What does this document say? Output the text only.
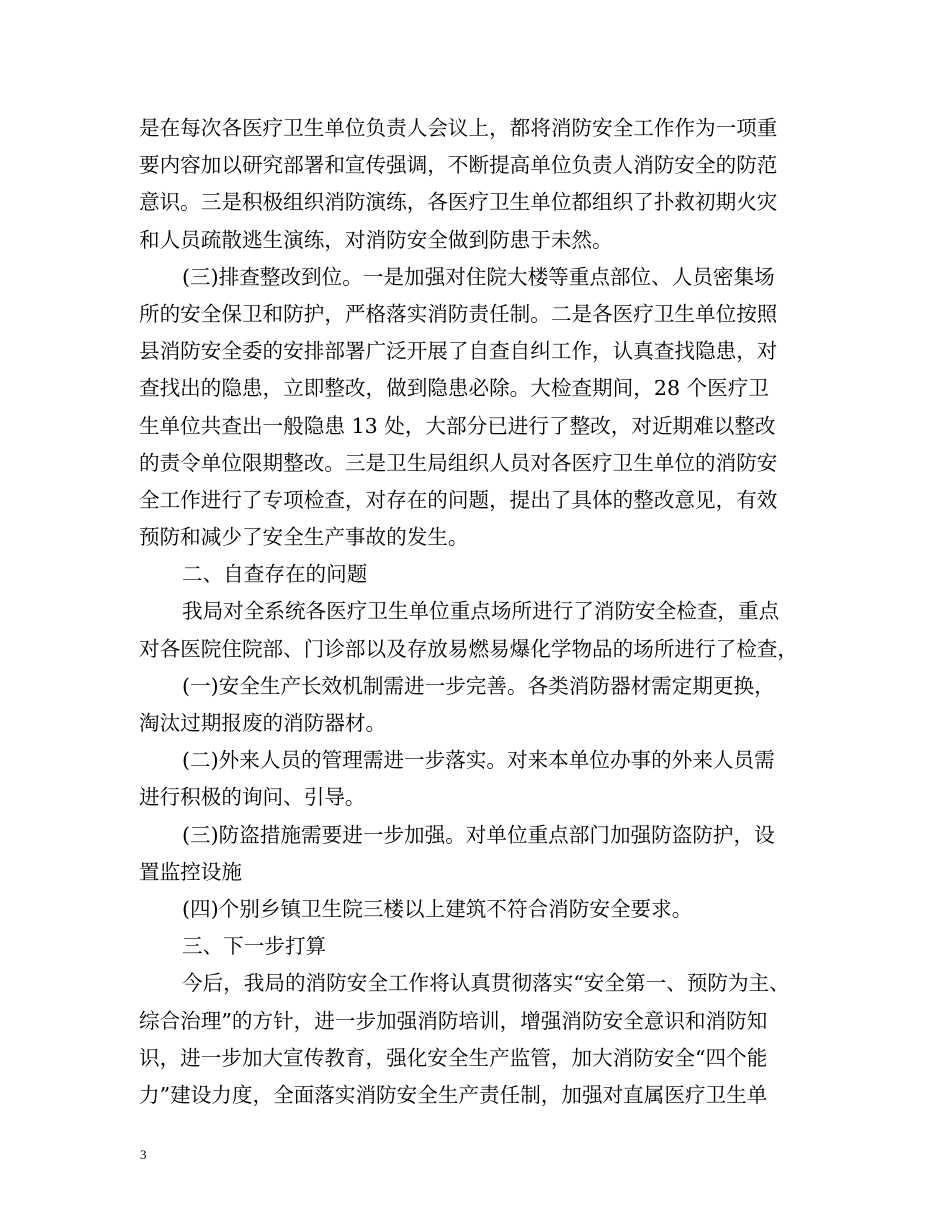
是在每次各医疗卫生单位负责人会议上，都将消防安全工作作为一项重
要内容加以研究部署和宣传强调，不断提高单位负责人消防安全的防范
意识。三是积极组织消防演练，各医疗卫生单位都组织了扑救初期火灾
和人员疏散逃生演练，对消防安全做到防患于未然。
(三)排查整改到位。一是加强对住院大楼等重点部位、人员密集场
所的安全保卫和防护，严格落实消防责任制。二是各医疗卫生单位按照
县消防安全委的安排部署广泛开展了自查自纠工作，认真查找隐患，对
查找出的隐患，立即整改，做到隐患必除。大检查期间，28 个医疗卫
生单位共查出一般隐患 13 处，大部分已进行了整改，对近期难以整改
的责令单位限期整改。三是卫生局组织人员对各医疗卫生单位的消防安
全工作进行了专项检查，对存在的问题，提出了具体的整改意见，有效
预防和减少了安全生产事故的发生。
二、自查存在的问题
我局对全系统各医疗卫生单位重点场所进行了消防安全检查，重点
对各医院住院部、门诊部以及存放易燃易爆化学物品的场所进行了检查，
(一)安全生产长效机制需进一步完善。各类消防器材需定期更换，
淘汰过期报废的消防器材。
(二)外来人员的管理需进一步落实。对来本单位办事的外来人员需
进行积极的询问、引导。
(三)防盗措施需要进一步加强。对单位重点部门加强防盗防护，设
置监控设施
(四)个别乡镇卫生院三楼以上建筑不符合消防安全要求。
三、下一步打算
今后，我局的消防安全工作将认真贯彻落实“安全第一、预防为主、
综合治理”的方针，进一步加强消防培训，增强消防安全意识和消防知
识，进一步加大宣传教育，强化安全生产监管，加大消防安全“四个能
力”建设力度，全面落实消防安全生产责任制，加强对直属医疗卫生单
3
